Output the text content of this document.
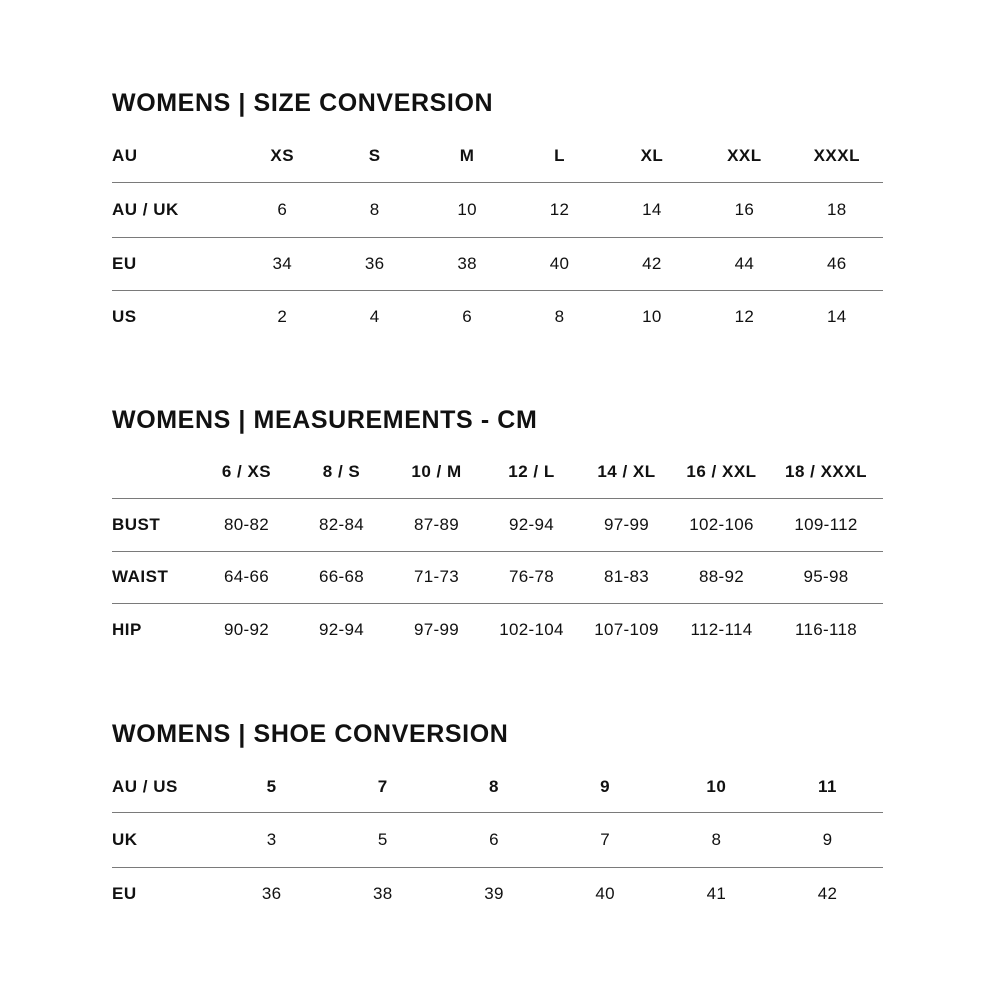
WOMENS | SIZE CONVERSION
AU	XS	S	M	L	XL	XXL	XXXL
AU / UK	6	8	10	12	14	16	18
EU	34	36	38	40	42	44	46
US	2	4	6	8	10	12	14
WOMENS | MEASUREMENTS - CM
	6 / XS	8 / S	10 / M	12 / L	14 / XL	16 / XXL	18 / XXXL
BUST	80-82	82-84	87-89	92-94	97-99	102-106	109-112
WAIST	64-66	66-68	71-73	76-78	81-83	88-92	95-98
HIP	90-92	92-94	97-99	102-104	107-109	112-114	116-118
WOMENS | SHOE CONVERSION
AU / US	5	7	8	9	10	11
UK	3	5	6	7	8	9
EU	36	38	39	40	41	42
